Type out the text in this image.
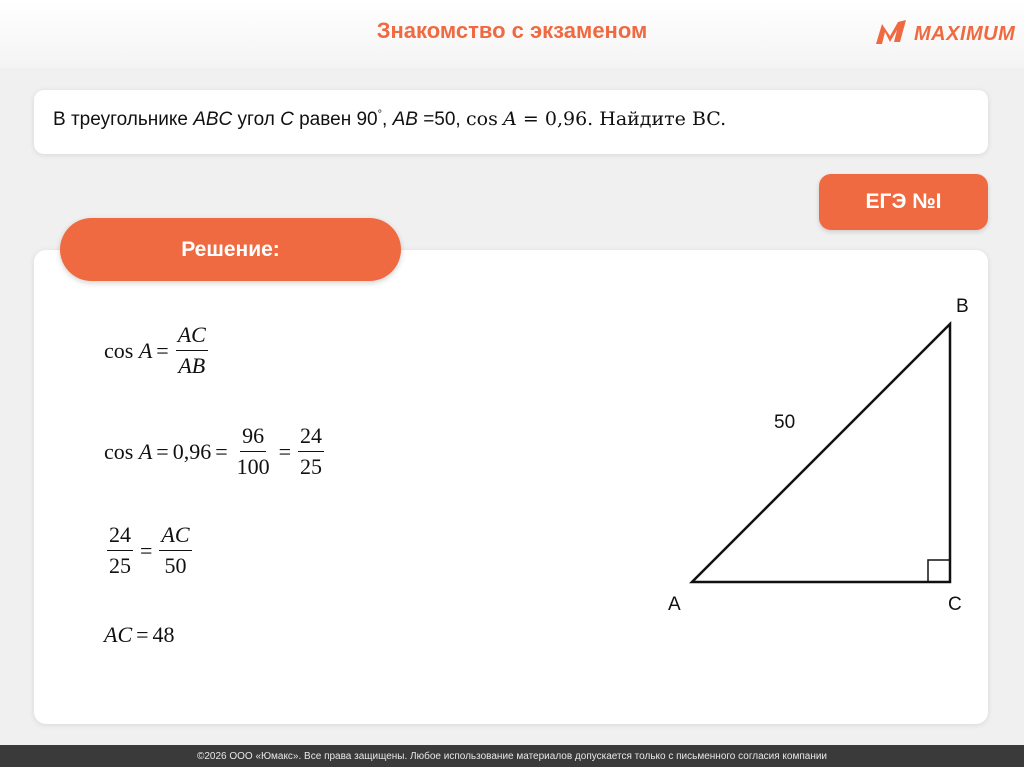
Знакомство с экзаменом	MAXIMUM
В треугольнике ABC угол C равен 90°, AB =50, cos A = 0,96. Найдите BC.
ЕГЭ №I
Решение:
cos
$A = \frac{AC}{AB}$
cos
$A = 0,96 = \frac{96}{100} = \frac{24}{25}$
$\frac{24}{25} = \frac{AC}{50}$
AC = 48
B
A	C
50
©2026 ООО «Юмакс». Все права защищены. Любое использование материалов допускается только с письменного согласия компании
